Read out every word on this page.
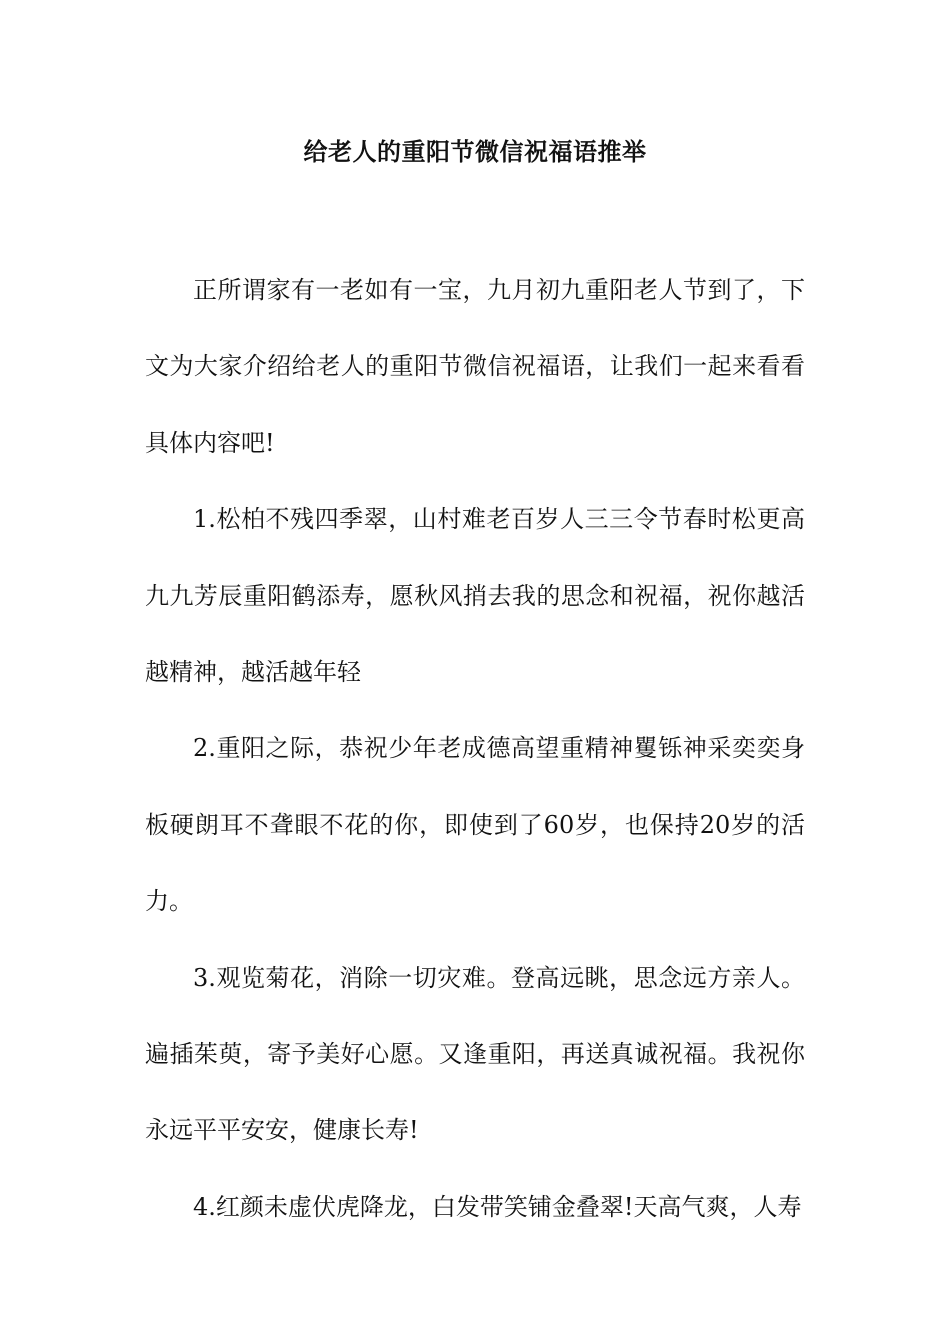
给老人的重阳节微信祝福语推举

正所谓家有一老如有一宝，九月初九重阳老人节到了，下文为大家介绍给老人的重阳节微信祝福语，让我们一起来看看具体内容吧!

1.松柏不残四季翠，山村难老百岁人三三令节春时松更高九九芳辰重阳鹤添寿，愿秋风捎去我的思念和祝福，祝你越活越精神，越活越年轻

2.重阳之际，恭祝少年老成德高望重精神矍铄神采奕奕身板硬朗耳不聋眼不花的你，即使到了60岁，也保持20岁的活力。

3.观览菊花，消除一切灾难。登高远眺，思念远方亲人。遍插茱萸，寄予美好心愿。又逢重阳，再送真诚祝福。我祝你永远平平安安，健康长寿!

4.红颜未虚伏虎降龙，白发带笑铺金叠翠!天高气爽，人寿
